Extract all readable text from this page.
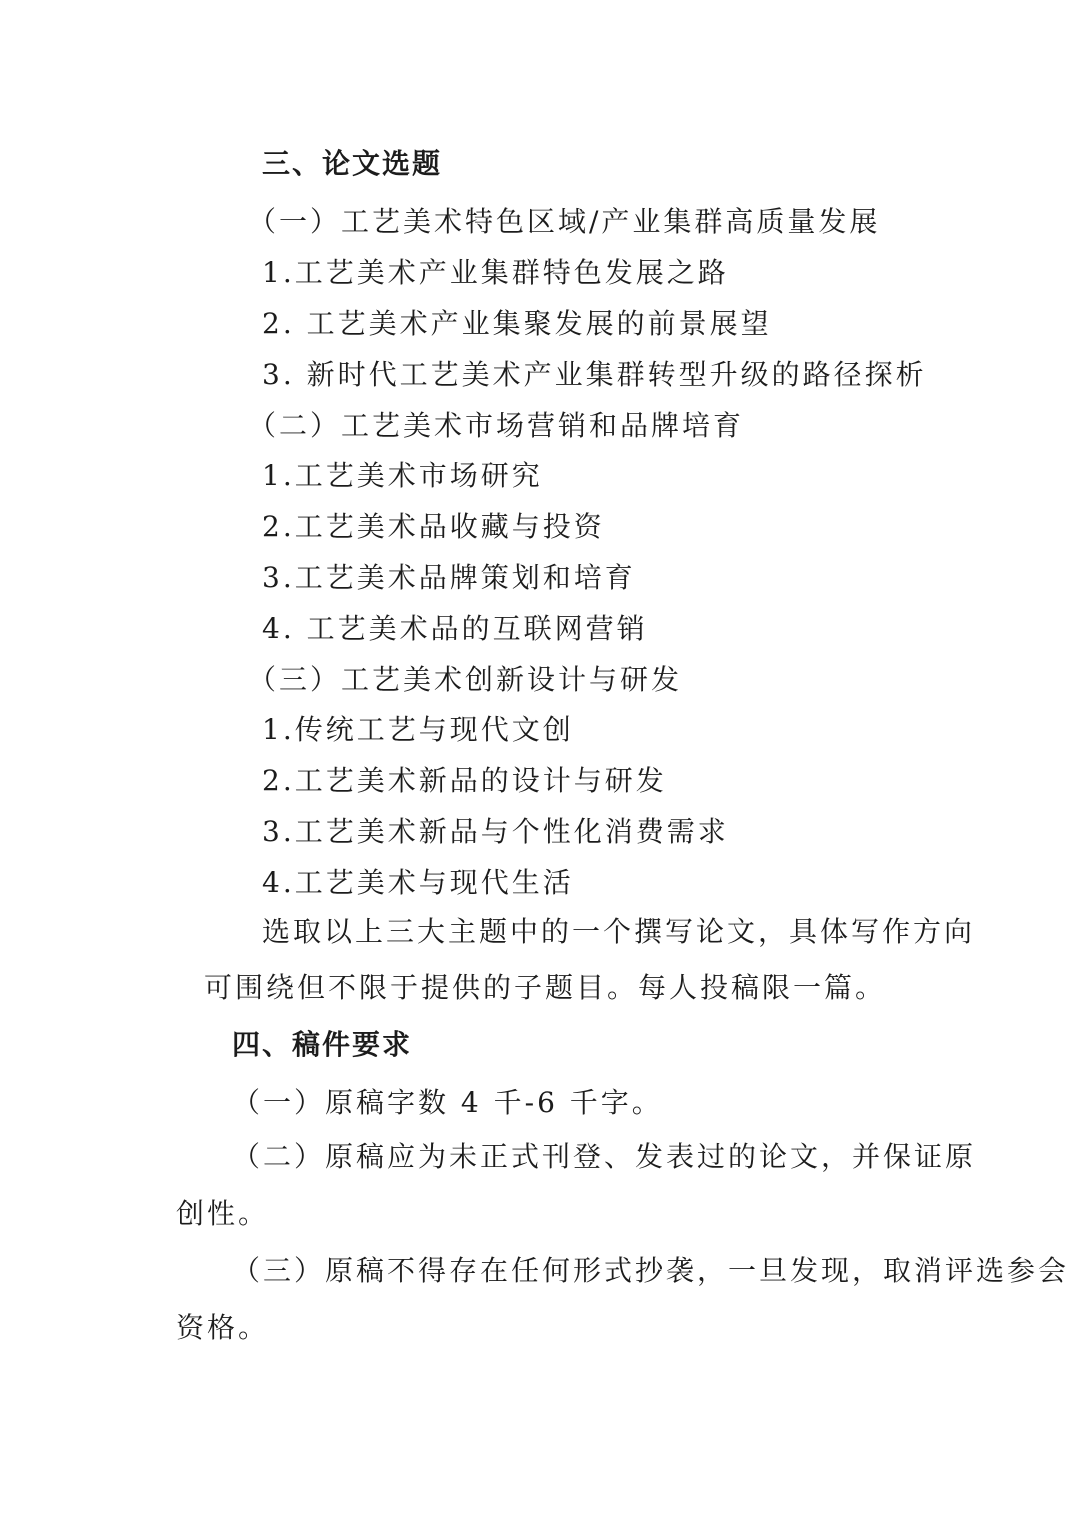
三、论文选题
（一）工艺美术特色区域/产业集群高质量发展
1.工艺美术产业集群特色发展之路
2. 工艺美术产业集聚发展的前景展望
3. 新时代工艺美术产业集群转型升级的路径探析
（二）工艺美术市场营销和品牌培育
1.工艺美术市场研究
2.工艺美术品收藏与投资
3.工艺美术品牌策划和培育
4. 工艺美术品的互联网营销
（三）工艺美术创新设计与研发
1.传统工艺与现代文创
2.工艺美术新品的设计与研发
3.工艺美术新品与个性化消费需求
4.工艺美术与现代生活
选取以上三大主题中的一个撰写论文，具体写作方向
可围绕但不限于提供的子题目。每人投稿限一篇。
四、稿件要求
（一）原稿字数 4 千-6 千字。
（二）原稿应为未正式刊登、发表过的论文，并保证原
创性。
（三）原稿不得存在任何形式抄袭，一旦发现，取消评选参会
资格。
